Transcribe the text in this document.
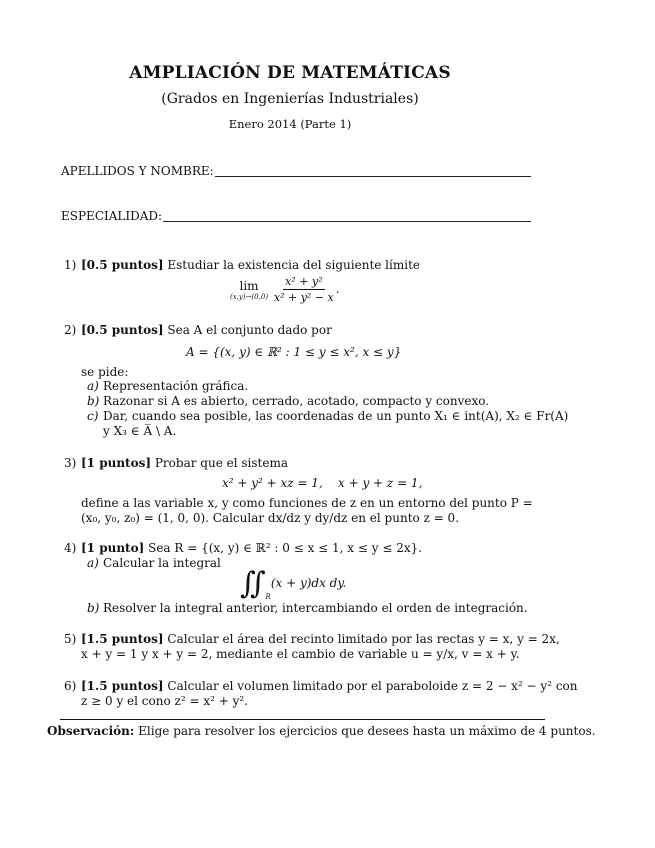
AMPLIACIÓN DE MATEMÁTICAS
(Grados en Ingenierías Industriales)
Enero 2014 (Parte 1)
APELLIDOS Y NOMBRE:
ESPECIALIDAD:
1) [0.5 puntos] Estudiar la existencia del siguiente límite
lim
(x,y)→(0,0)
$\frac{\text{x² + y²}}{\text{x² + y² − x}}$ .
2) [0.5 puntos] Sea A el conjunto dado por
A = {(x, y) ∈ ℝ² : 1 ≤ y ≤ x², x ≤ y}
se pide:
a) Representación gráfica.
b) Razonar si A es abierto, cerrado, acotado, compacto y convexo.
c) Dar, cuando sea posible, las coordenadas de un punto X₁ ∈ int(A), X₂ ∈ Fr(A)
y X₃ ∈ A̅ \ A.
3) [1 puntos] Probar que el sistema
x² + y² + xz = 1,    x + y + z = 1,
define a las variable x, y como funciones de z en un entorno del punto P =
(x₀, y₀, z₀) = (1, 0, 0). Calcular dx/dz y dy/dz en el punto z = 0.
4) [1 punto] Sea R = {(x, y) ∈ ℝ² : 0 ≤ x ≤ 1, x ≤ y ≤ 2x}.
a) Calcular la integral
$∬_R(x + y)dx$ dy.
b) Resolver la integral anterior, intercambiando el orden de integración.
5) [1.5 puntos] Calcular el área del recinto limitado por las rectas y = x, y = 2x,
x + y = 1 y x + y = 2, mediante el cambio de variable u = y/x, v = x + y.
6) [1.5 puntos] Calcular el volumen limitado por el paraboloide z = 2 − x² − y² con
z ≥ 0 y el cono z² = x² + y².
Observación: Elige para resolver los ejercicios que desees hasta un máximo de 4 puntos.
